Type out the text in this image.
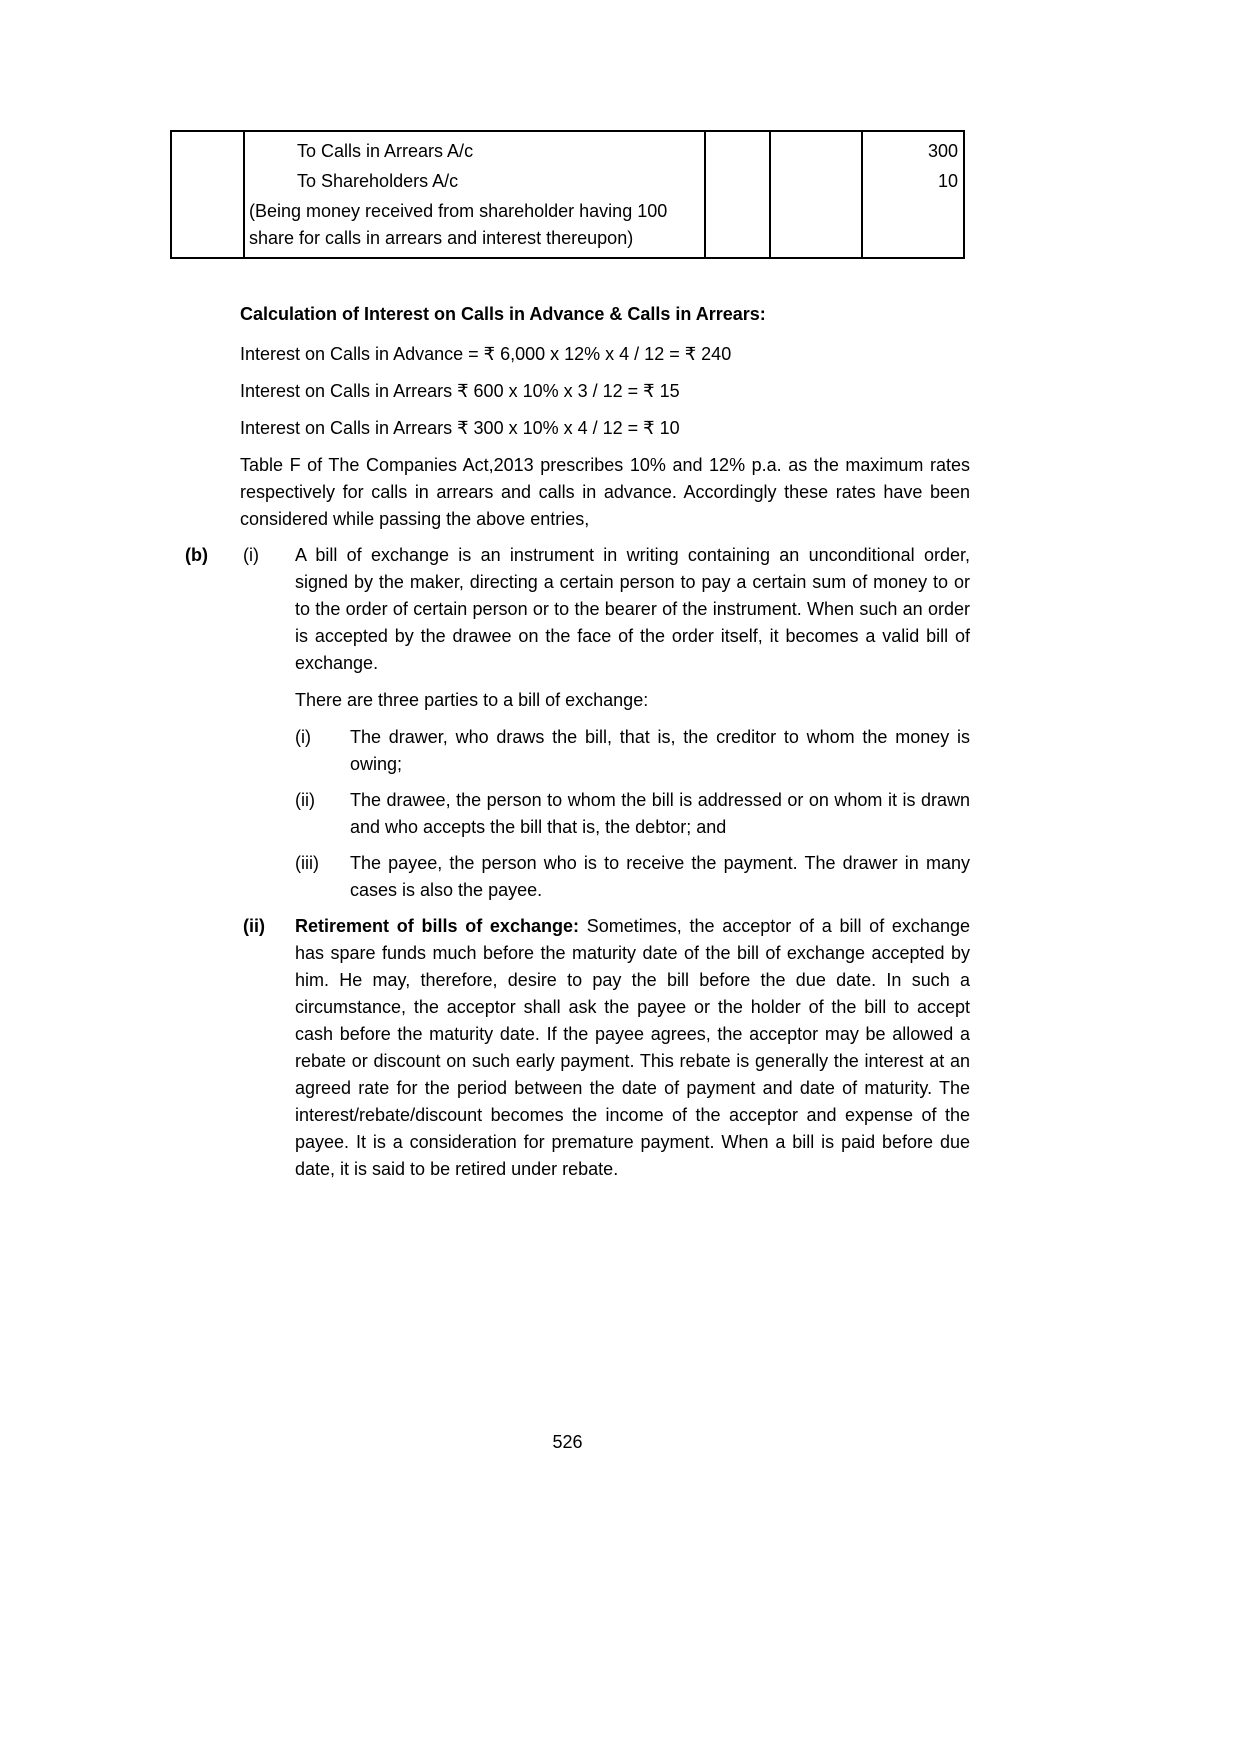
	To Calls in Arrears A/c			300
	To Shareholders A/c			10
	(Being money received from shareholder having 100 share for calls in arrears and interest thereupon)			

Calculation of Interest on Calls in Advance & Calls in Arrears:

Interest on Calls in Advance = ₹ 6,000 x 12% x 4 / 12 = ₹ 240

Interest on Calls in Arrears ₹ 600 x 10% x 3 / 12 = ₹ 15

Interest on Calls in Arrears ₹ 300 x 10% x 4 / 12 = ₹ 10

Table F of The Companies Act,2013 prescribes 10% and 12% p.a. as the maximum rates respectively for calls in arrears and calls in advance. Accordingly these rates have been considered while passing the above entries,

(b)	(i)	A bill of exchange is an instrument in writing containing an unconditional order, signed by the maker, directing a certain person to pay a certain sum of money to or to the order of certain person or to the bearer of the instrument. When such an order is accepted by the drawee on the face of the order itself, it becomes a valid bill of exchange.

There are three parties to a bill of exchange:

(i)	The drawer, who draws the bill, that is, the creditor to whom the money is owing;
(ii)	The drawee, the person to whom the bill is addressed or on whom it is drawn and who accepts the bill that is, the debtor; and
(iii)	The payee, the person who is to receive the payment. The drawer in many cases is also the payee.
(ii)	Retirement of bills of exchange: Sometimes, the acceptor of a bill of exchange has spare funds much before the maturity date of the bill of exchange accepted by him. He may, therefore, desire to pay the bill before the due date. In such a circumstance, the acceptor shall ask the payee or the holder of the bill to accept cash before the maturity date. If the payee agrees, the acceptor may be allowed a rebate or discount on such early payment. This rebate is generally the interest at an agreed rate for the period between the date of payment and date of maturity. The interest/rebate/discount becomes the income of the acceptor and expense of the payee. It is a consideration for premature payment. When a bill is paid before due date, it is said to be retired under rebate.

526
